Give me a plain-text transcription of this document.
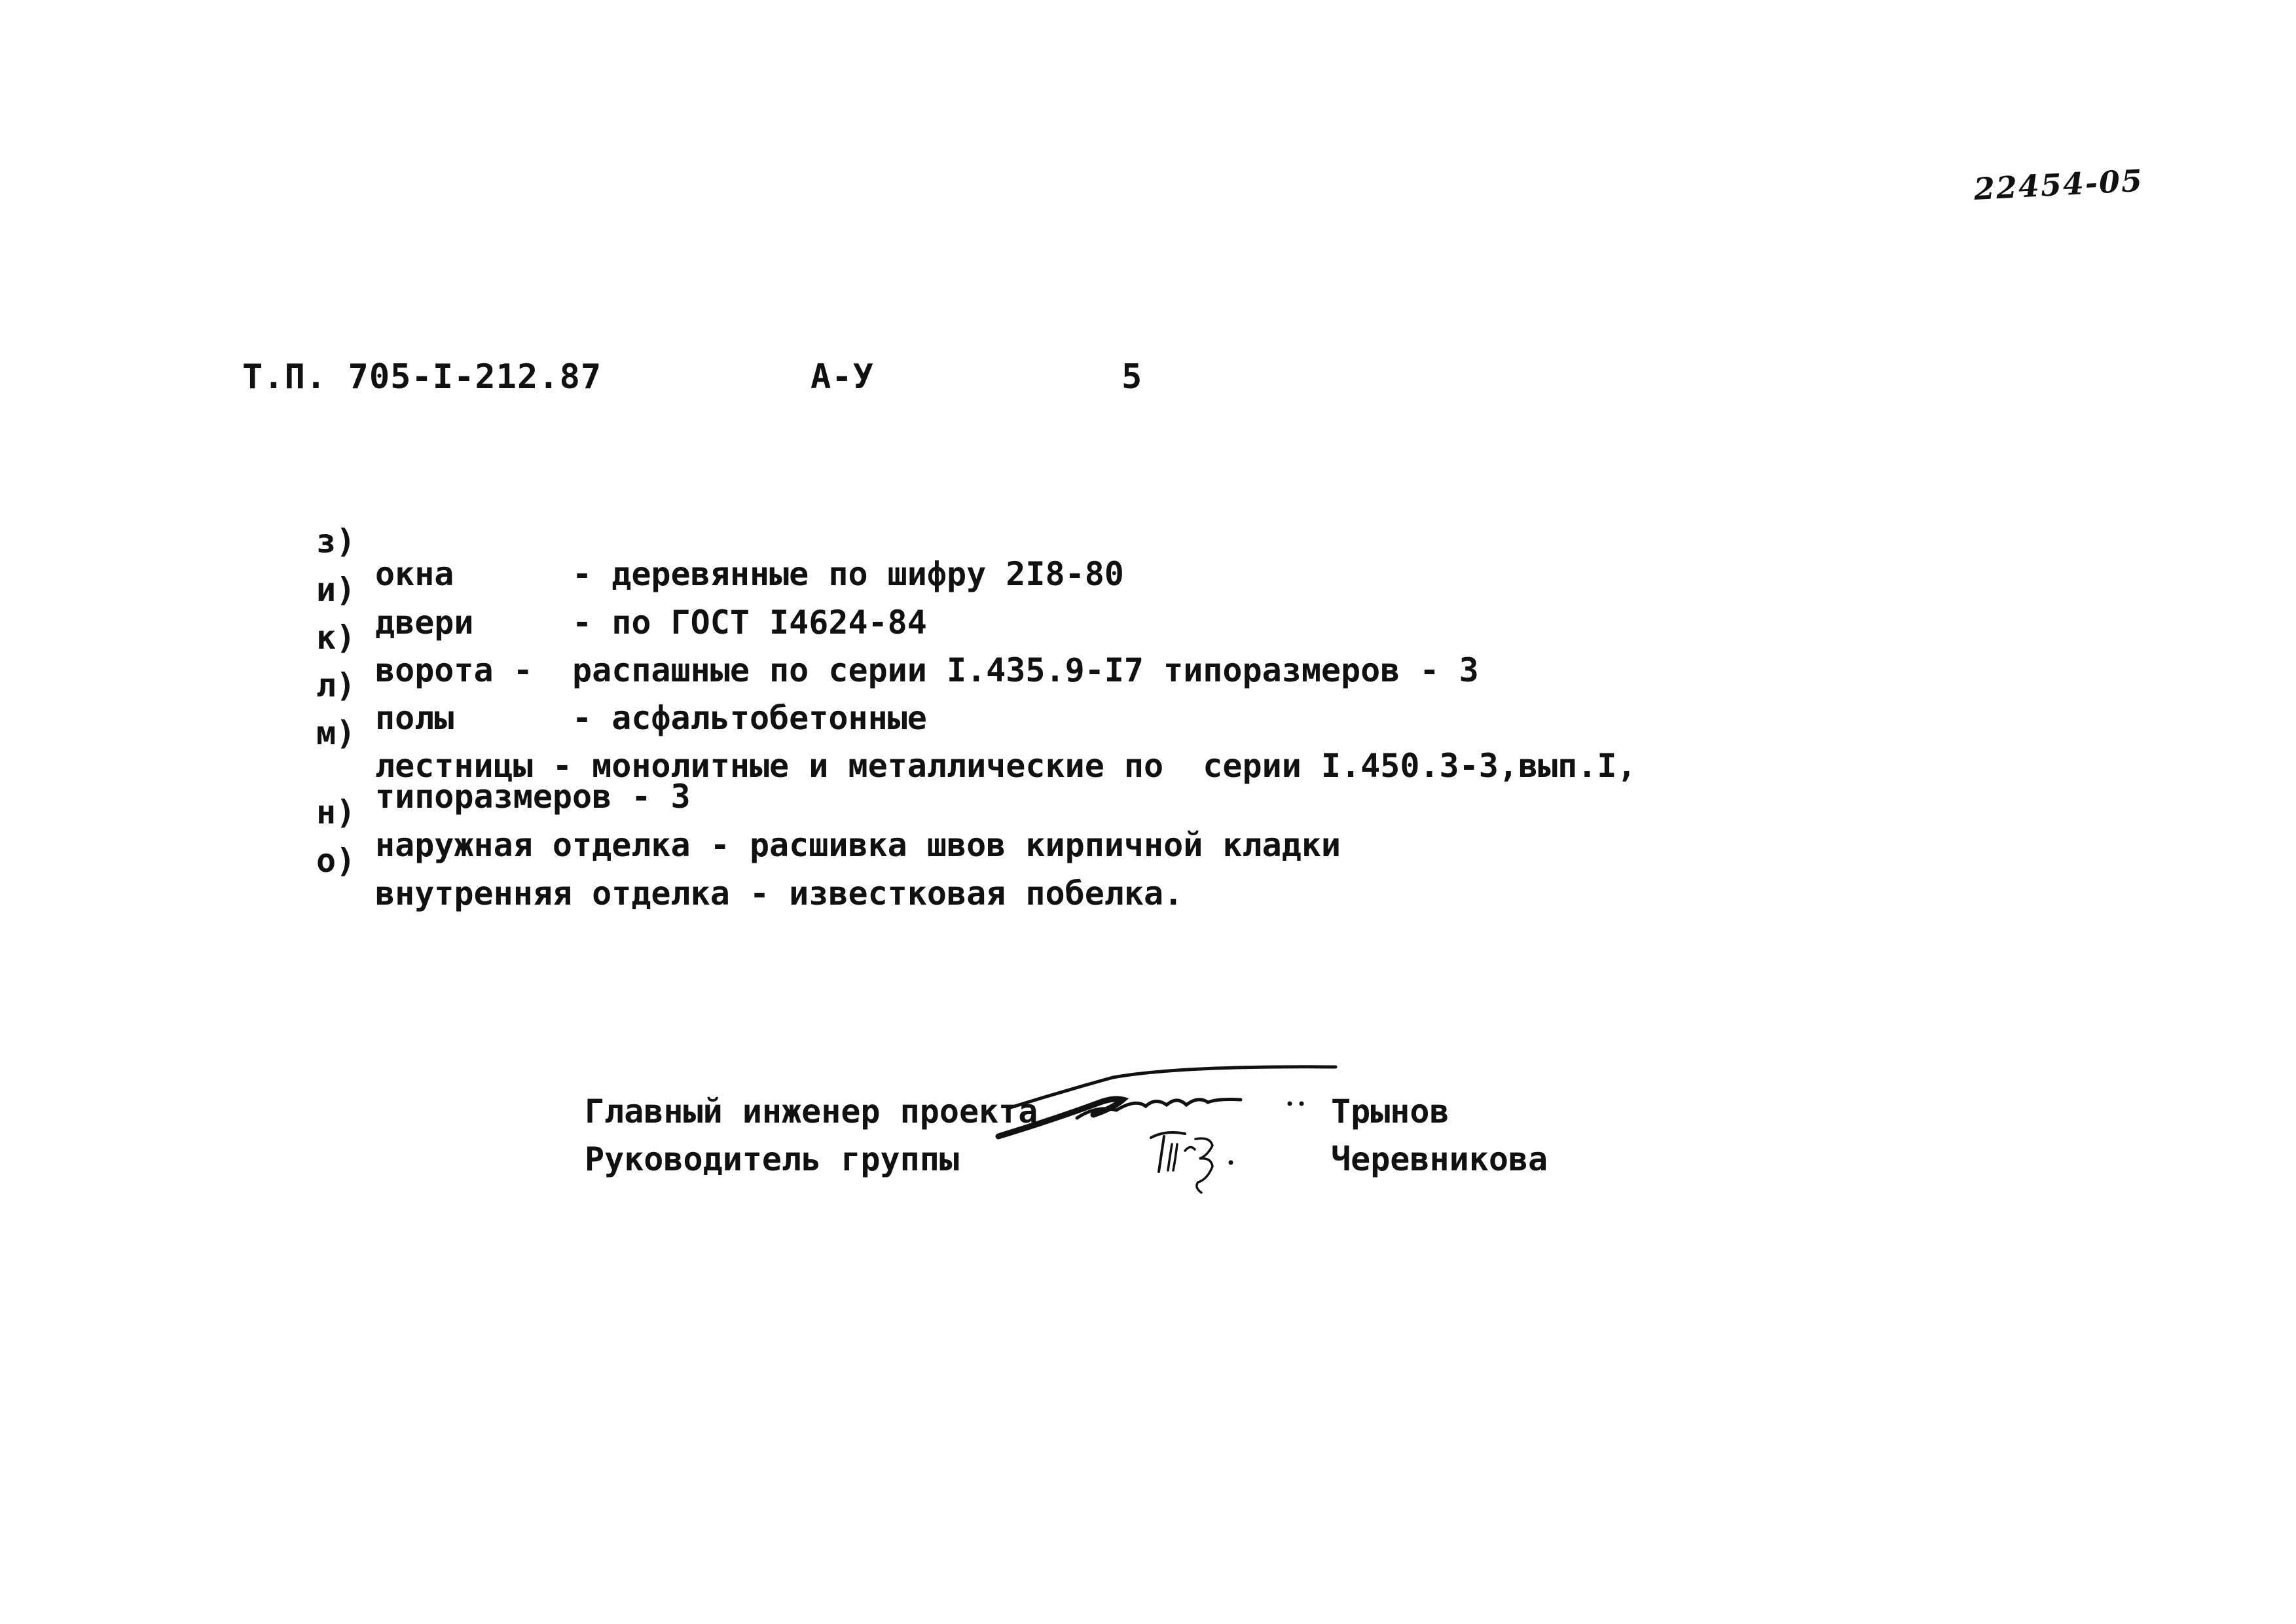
22454-05
Т.П. 705-I-212.87	А-У	5

з)

окна      - деревянные по шифру 2I8-80

и)

двери     - по ГОСТ I4624-84

к)

ворота -  распашные по серии I.435.9-I7 типоразмеров - 3

л)

полы      - асфальтобетонные

м)

лестницы - монолитные и металлические по  серии I.450.3-3,вып.I,

типоразмеров - 3

н)

наружная отделка - расшивка швов кирпичной кладки

о)

внутренняя отделка - известковая побелка.

Главный инженер проекта	Трынов
Руководитель группы	Черевникова
